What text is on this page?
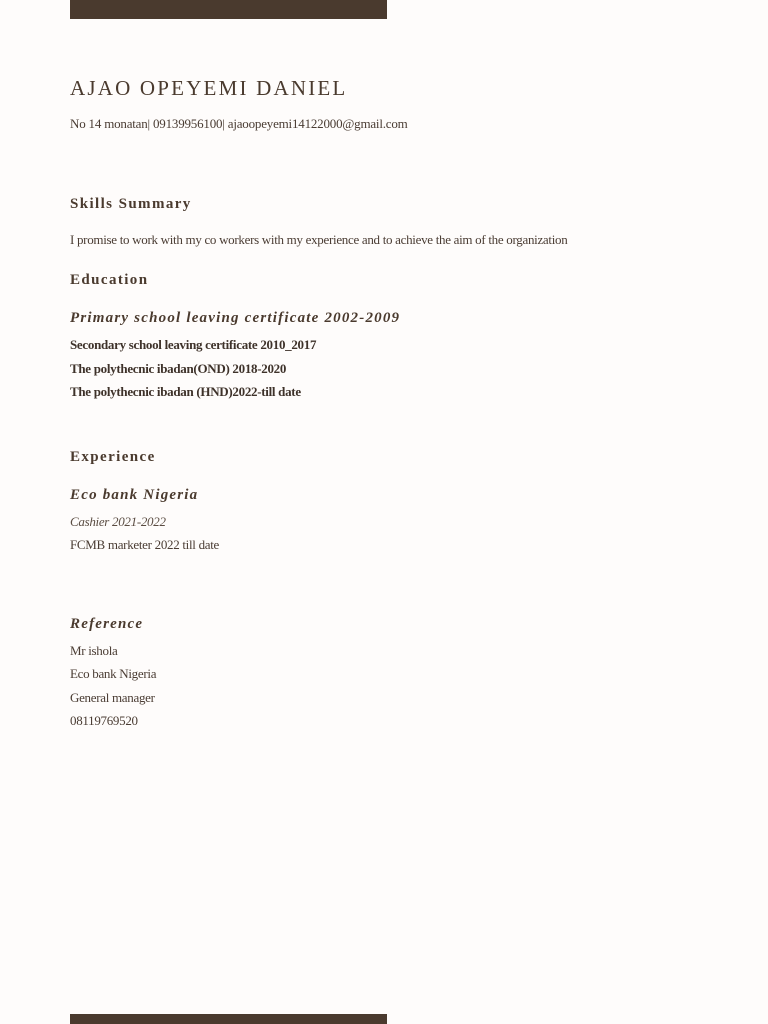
AJAO OPEYEMI DANIEL
No 14 monatan| 09139956100| ajaoopeyemi14122000@gmail.com
Skills Summary
I promise to work with my co workers with my experience and to achieve the aim of the organization
Education
Primary school leaving certificate 2002-2009
Secondary school leaving certificate 2010_2017
The polythecnic ibadan(OND) 2018-2020
The polythecnic ibadan (HND)2022-till date
Experience
Eco bank Nigeria
Cashier 2021-2022
FCMB marketer 2022 till date
Reference
Mr ishola
Eco bank Nigeria
General manager
08119769520
